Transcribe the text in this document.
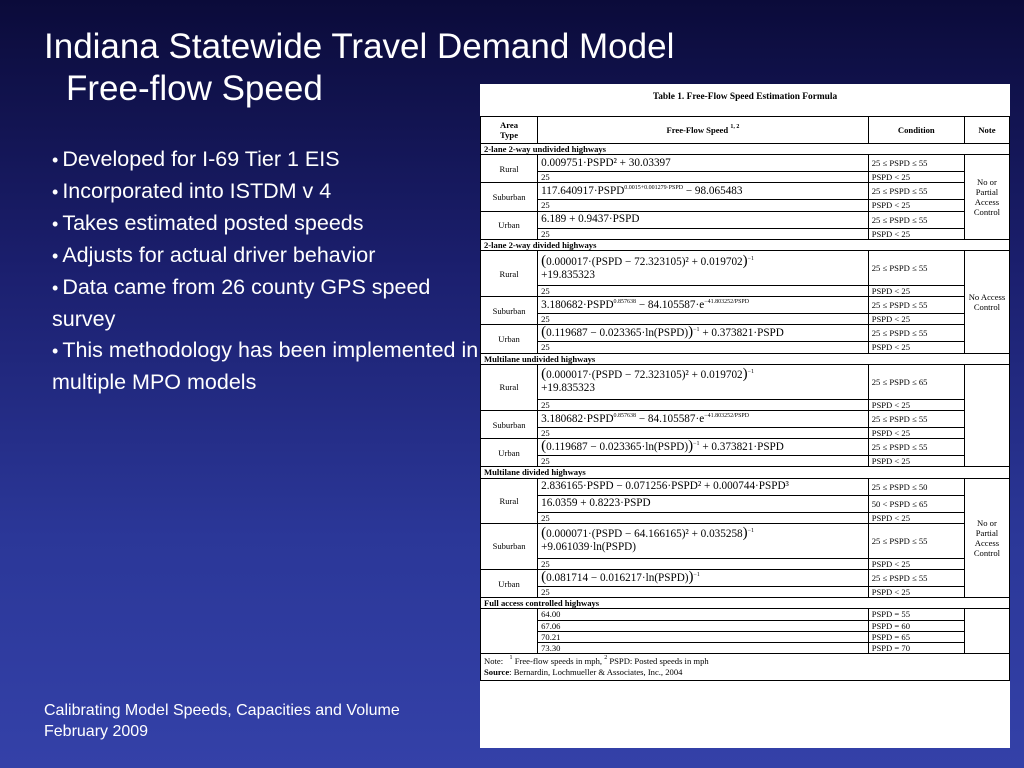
Indiana Statewide Travel Demand Model
Free-flow Speed

• Developed for I-69 Tier 1 EIS

• Incorporated into ISTDM v 4

• Takes estimated posted speeds

• Adjusts for actual driver behavior

• Data came from 26 county GPS speed survey

• This methodology has been implemented in multiple MPO models

Calibrating Model Speeds, Capacities and Volume
February 2009
Table 1. Free-Flow Speed Estimation Formula			
Area
Type	Free-Flow Speed $^{1, 2}$	Condition	Note
2-lane 2-way undivided highways			
Rural	0.009751·PSPD² + 30.03397	25 ≤ PSPD ≤ 55	No or Partial Access Control
	25	PSPD < 25	
Suburban	$117.640917\cdot PSPD^{0.0015+0.001279\cdot PSPD} - 98.065483$	25 ≤ PSPD ≤ 55	
	25	PSPD < 25	
Urban	6.189 + 0.9437·PSPD	25 ≤ PSPD ≤ 55	
	25	PSPD < 25	
2-lane 2-way divided highways			
Rural	(0.000017·(PSPD − 72.323105)² + 0.019702)$^{-1}$
+19.835323	25 ≤ PSPD ≤ 55	No Access Control
	25	PSPD < 25	
Suburban	$3.180682\cdot PSPD^{0.857638} - 84.105587\cdot e^{-41.803252/PSPD}$	25 ≤ PSPD ≤ 55	
	25	PSPD < 25	
Urban	(0.119687 − 0.023365·ln(PSPD))$^{-1}$ + 0.373821·PSPD	25 ≤ PSPD ≤ 55	
	25	PSPD < 25	
Multilane undivided highways			
Rural	(0.000017·(PSPD − 72.323105)² + 0.019702)$^{-1}$
+19.835323	25 ≤ PSPD ≤ 65	
	25	PSPD < 25	
Suburban	$3.180682\cdot PSPD^{0.857638} - 84.105587\cdot e^{-41.803252/PSPD}$	25 ≤ PSPD ≤ 55	
	25	PSPD < 25	
Urban	(0.119687 − 0.023365·ln(PSPD))$^{-1}$ + 0.373821·PSPD	25 ≤ PSPD ≤ 55	
	25	PSPD < 25	
Multilane divided highways			
Rural	2.836165·PSPD − 0.071256·PSPD² + 0.000744·PSPD³	25 ≤ PSPD ≤ 50	No or Partial Access Control
	16.0359 + 0.8223·PSPD	50 < PSPD ≤ 65	
	25	PSPD < 25	
Suburban	(0.000071·(PSPD − 64.166165)² + 0.035258)$^{-1}$
+9.061039·ln(PSPD)	25 ≤ PSPD ≤ 55	
	25	PSPD < 25	
Urban	(0.081714 − 0.016217·ln(PSPD))$^{-1}$	25 ≤ PSPD ≤ 55	
	25	PSPD < 25	
Full access controlled highways			
	64.00	PSPD = 55	
	67.06	PSPD = 60	
	70.21	PSPD = 65	
	73.30	PSPD = 70	
Note: $^1$ Free-flow speeds in mph, $^2$ PSPD: Posted speeds in mph
Source: Bernardin, Lochmueller & Associates, Inc., 2004			
